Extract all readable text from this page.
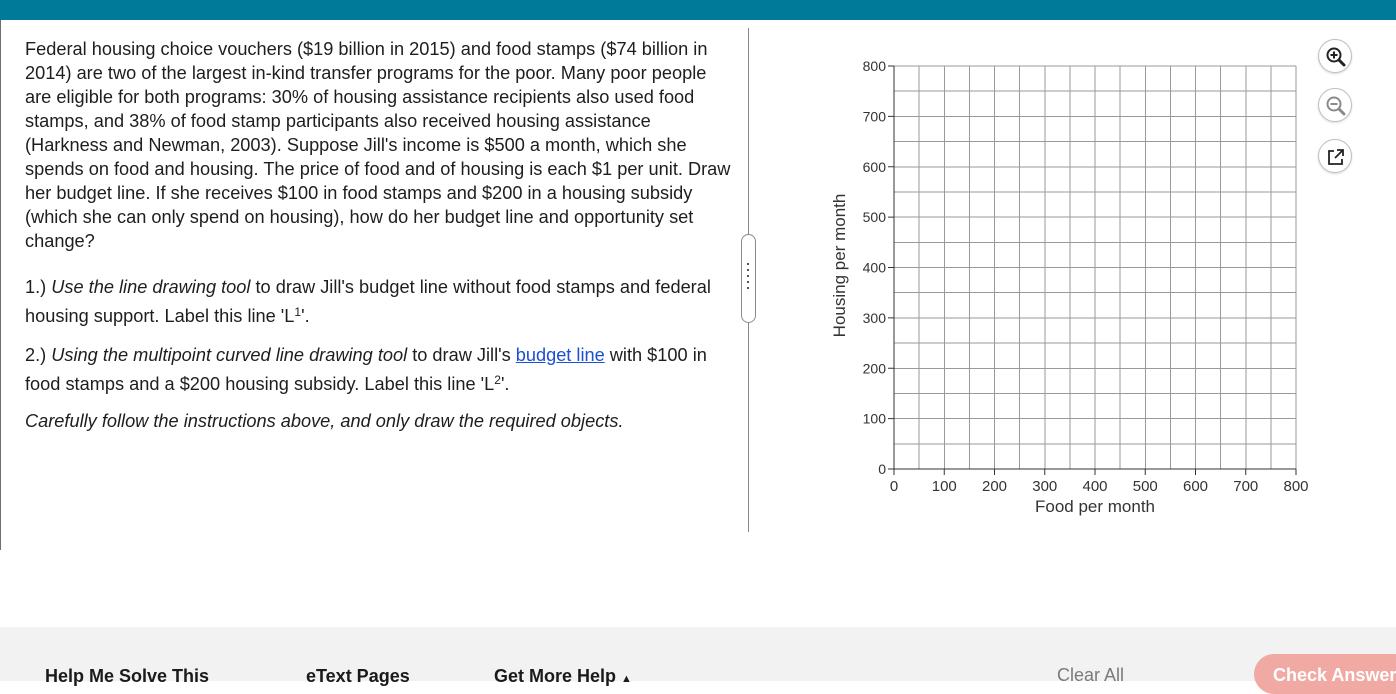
Federal housing choice vouchers ($19 billion in 2015) and food stamps ($74 billion in 2014) are two of the largest in-kind transfer programs for the poor. Many poor people are eligible for both programs: 30% of housing assistance recipients also used food stamps, and 38% of food stamp participants also received housing assistance (Harkness and Newman, 2003). Suppose Jill's income is $500 a month, which she spends on food and housing. The price of food and of housing is each $1 per unit. Draw her budget line. If she receives $100 in food stamps and $200 in a housing subsidy (which she can only spend on housing), how do her budget line and opportunity set change?

1.) Use the line drawing tool to draw Jill's budget line without food stamps and federal housing support. Label this line '$L^1$'.

2.) Using the multipoint curved line drawing tool to draw Jill's budget line with $100 in food stamps and a $200 housing subsidy. Label this line '$L^2$'.

Carefully follow the instructions above, and only draw the required objects.

0 100 200 300 400 500 600 700 800
0
100
200
300
400
500
600
700
800
Food per month
Housing per month
Help Me Solve This	eText Pages	Get More Help ▲	Clear All	Check Answer
